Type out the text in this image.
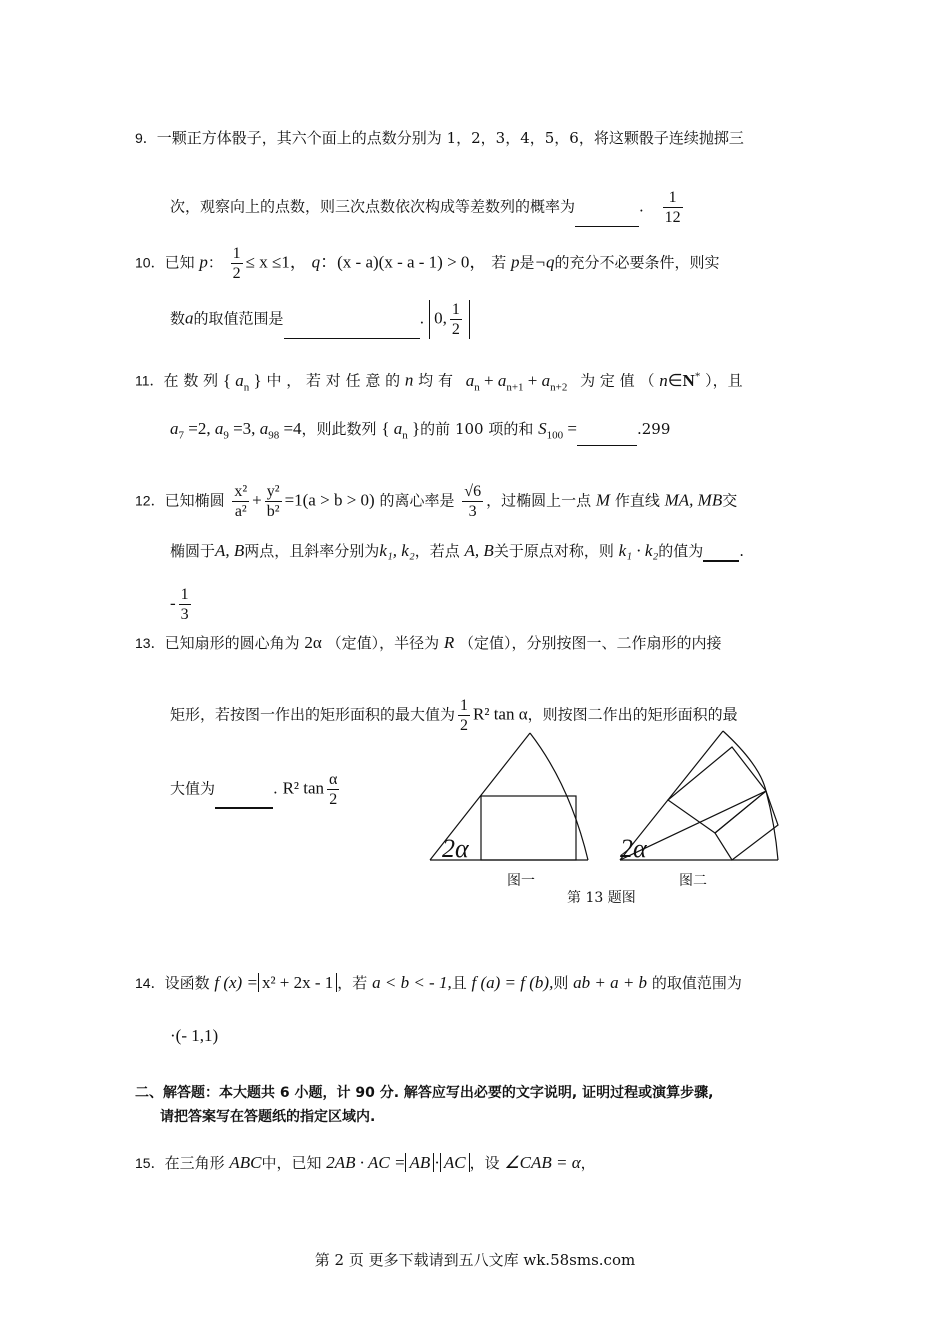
9．一颗正方体骰子，其六个面上的点数分别为 1，2，3，4，5，6，将这颗骰子连续抛掷三
次，观察向上的点数，则三次点数依次构成等差数列的概率为	. $\frac{1}{12}$
10．已知 p： $\frac{1}{2} \le x \le 1$， q：(x - a)(x - a - 1) > 0， 若 p是¬q的充分不必要条件，则实
数a的取值范围是	. 0, $\frac{1}{2}$
11．在 数 列 { $a_n$ } 中 ， 若 对 任 意 的 n 均 有 $a_n + a_{n+1} + a_{n+2}$ 为 定 值 （ n∈N* ），且
$a_7 =2$, $a_9 =3$, $a_{98} =4$，则此数列 { $a_n$ }的前 100 项的和 $S_{100}$ =	.299
12．已知椭圆 $\frac{\text{x²}}{\text{a²}} + \frac{\text{y²}}{\text{b²}} =1(a > b > 0)$ 的离心率是 $\frac{√6}{3}$ ，过椭圆上一点 M 作直线 MA, MB交
椭圆于A, B两点，且斜率分别为k₁, k₂，若点 A, B关于原点对称，则 k₁ · k₂的值为 .
- $\frac{1}{3}$
13．已知扇形的圆心角为 2α （定值），半径为 R （定值），分别按图一、二作扇形的内接
矩形，若按图一作出的矩形面积的最大值为 $\frac{1}{2} R^2$ tan α，则按图二作出的矩形面积的最
大值为	. R² $\tan \frac{\alpha}{2}$
2α	2α
图一	图二
第 13 题图
14．设函数 f (x) = x² + 2x - 1 ，若 a < b < - 1,且 f (a) = f (b),则 ab + a + b 的取值范围为
·(- 1,1)
二、解答题：本大题共 6 小题，计 90 分. 解答应写出必要的文字说明, 证明过程或演算步骤,
请把答案写在答题纸的指定区域内.
15．在三角形 ABC中，已知 2AB · AC = AB · AC ，设 ∠CAB = α，
第 2 页 更多下载请到五八文库 wk.58sms.com
